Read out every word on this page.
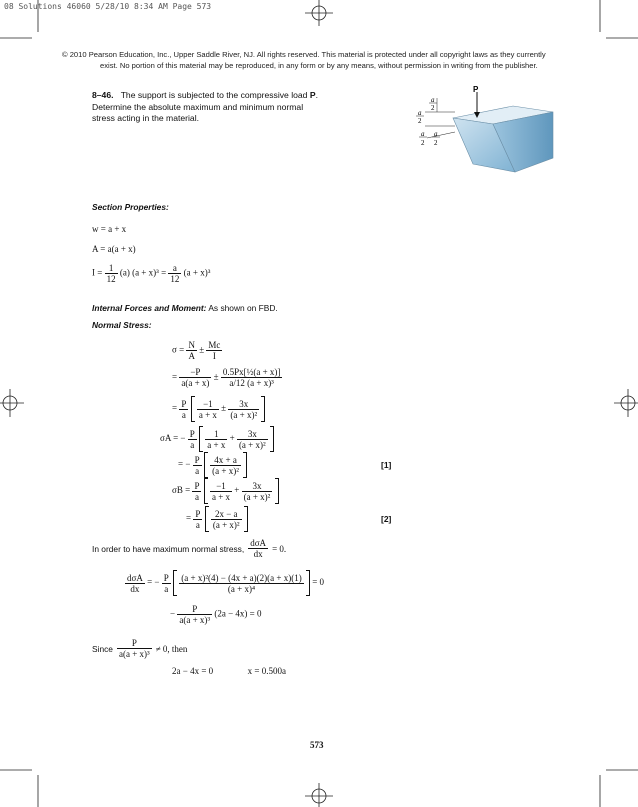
08 Solutions 46060 5/28/10 8:34 AM Page 573
© 2010 Pearson Education, Inc., Upper Saddle River, NJ. All rights reserved. This material is protected under all copyright laws as they currently
exist. No portion of this material may be reproduced, in any form or by any means, without permission in writing from the publisher.
8–46. The support is subjected to the compressive load P. Determine the absolute maximum and minimum normal stress acting in the material.
P
a
2
a
2
a
2
a
2
Section Properties:
w = a + x
A = a(a + x)
$I = \frac{1}{12} (a) (a + x)^3 = \frac{a}{12} (a + x)^3$
Internal Forces and Moment: As shown on FBD.
Normal Stress:
$\sigma = \frac{N}{A} \pm \frac{Mc}{I}$
= $\frac{-P}{a(a + x)} \pm \frac{\text{0.5Px[½(a + x)]}}{\text{a/12 (a + x)³}}$
= $\frac{P}{a}$
$\frac{-1}{a + x} \pm \frac{3x}{\text{(a + x)²}}$

σA = − $\frac{P}{a}$
$\frac{1}{a + x} + \frac{3x}{\text{(a + x)²}}$

= − $\frac{P}{a}$
$\frac{4x + a}{\text{(a + x)²}}$
	[1]
$\sigma B = \frac{P}{a}$
$\frac{-1}{a + x} + \frac{3x}{\text{(a + x)²}}$

= $\frac{P}{a}$
$\frac{2x - a}{\text{(a + x)²}}$
	[2]
In order to have maximum normal stress, $\frac{\text{dσA}}{dx} = 0$.
$\frac{\text{dσA}}{dx}$ = − $\frac{P}{a}$
$\frac{\text{(a + x)²(4) − (4x + a)(2)(a + x)(1)}}{\text{(a + x)⁴}} = 0$
− $\frac{P}{\text{a(a + x)³}} (2a - 4x) = 0$
Since $\frac{P}{\text{a(a + x)³}} \ne 0$, then
2a − 4x = 0	x = 0.500a
573
